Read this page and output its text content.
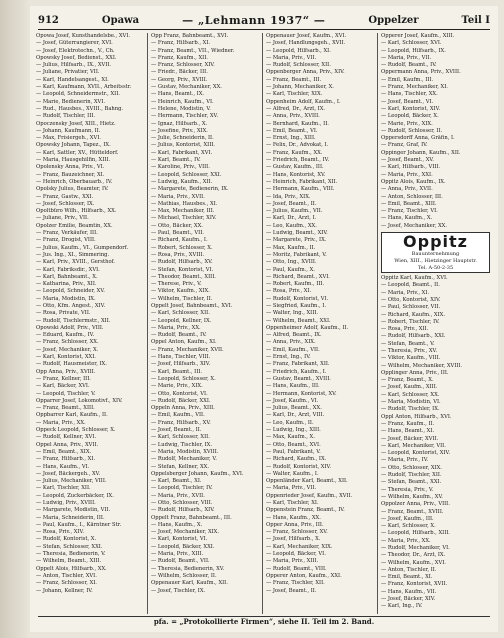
912	Opawa	— „Lehmann 1937“ —	Oppelzer	Teil I
Opowa Josef, Kunsthandelsbe., XVI.
— Josef, Güterrangierer, XVI.
— Josef, Elektrotechn., V., Ch.
Opowsky Josef, Bedienst., XXI.
— Julius, Hilfsarb., IX., XVII.
— Juliane, Privatier, VII.
— Karl, Handelsangest., XI.
— Karl, Kaufmann, XVII., Arbeitsstr.
— Leopold, Schneidermstr., XII.
— Marie, Bedienerin, XVI.
— Rud., Hausbes., XVIII., Bahng.
— Rudolf, Tischler, III.
Opoczensky Josef, XIII., Hietz.
— Johann, Kaufmann, II.
— Max, Frisiergeh., XVI.
Opowsky Johann, Tapez., IX.
— Karl, Sattler, XV., Hütteldorf.
— Maria, Hausgehilfin, XIII.
Opolensky Anna, Priv., VI.
— Franz, Bauzeichner, XI.
— Heinrich, Oberbauarb., IV.
Opolsky Julius, Beamter, IV.
— Franz, Gastw., XXI.
— Josef, Schlosser, IX.
Opoltbüro Wilh., Hilfsarb., XX.
— Juliane, Priv., VII.
Opolzer Emilie, Beamtin, XX.
— Franz, Verkäufer, III.
— Franz, Drogist, VIII.
— Julius, Kaufm., VI., Gumpendorf.
— Jus. Ing., XI., Simmering.
— Karl, Priv., XVIII., Gersthof.
— Karl, Fabriksdir., XVI.
— Karl, Bahnbeamt., X.
— Katharina, Priv., XII.
— Leopold, Schneider, XV.
— Maria, Modistin, IX.
— Otto, Kfm. Angest., XIV.
— Rosa, Private, VII.
— Rudolf, Tischlermstr., XII.
Opowski Adolf, Priv., VIII.
— Eduard, Kaufm., IV.
— Franz, Schlosser, XX.
— Josef, Mechaniker, X.
— Karl, Kontorist, XXI.
— Rudolf, Hausmeister, IX.
Opp Anna, Priv., XVIII.
— Franz, Kellner, III.
— Karl, Bäcker, XVI.
— Leopold, Tischler, V.
Opparrer Josef, Lokomotivf., XIV.
— Franz, Beamt., XIII.
Oppbarrer Karl, Kaufm., II.
— Maria, Priv., XX.
Oppeck Leopold, Schlosser, X.
— Rudolf, Kellner, XVI.
Oppel Anna, Priv., XVII.
— Emil, Beamt., XIX.
— Franz, Hilfsarb., XI.
— Hans, Kaufm., VI.
— Josef, Bäckergeh., XV.
— Julius, Mechaniker, VIII.
— Karl, Tischler, XII.
— Leopold, Zuckerbäcker, IX.
— Ludwig, Priv., XVIII.
— Margarete, Modistin, VII.
— Maria, Schneiderin, III.
— Paul, Kaufm., I., Kärntner Str.
— Rosa, Priv., XIV.
— Rudolf, Kontorist, X.
— Stefan, Schlosser, XXI.
— Theresia, Bedienerin, V.
— Wilhelm, Beamt., XIII.
Oppelt Alois, Hilfsarb., XX.
— Anton, Tischler, XVI.
— Franz, Schlosser, XI.
— Johann, Kellner, IV.
Opp Franz, Bahnbeamt., XVI.
— Franz, Hilfsarb., XI.
— Franz, Beamt., VII., Wiedner.
— Franz, Kaufm., XII.
— Franz, Schlosser, XIV.
— Friedr., Bäcker, III.
— Georg, Priv., XVIII.
— Gustav, Mechaniker, XX.
— Hans, Beamt., IX.
— Heinrich, Kaufm., VI.
— Helene, Modistin, V.
— Hermann, Tischler, XV.
— Ignaz, Hilfsarb., X.
— Josefine, Priv., XIX.
— Julie, Schneiderin, II.
— Julius, Kontorist, XIII.
— Karl, Fabrikant, XVI.
— Karl, Beamt., IV.
— Karoline, Priv., VIII.
— Leopold, Schlosser, XXI.
— Ludwig, Kaufm., XII.
— Margarete, Bedienerin, IX.
— Maria, Priv., XVII.
— Mathias, Hausbes., XI.
— Max, Mechaniker, III.
— Michael, Tischler, XIV.
— Otto, Bäcker, XX.
— Paul, Beamt., VII.
— Richard, Kaufm., I.
— Robert, Schlosser, X.
— Rosa, Priv., XVIII.
— Rudolf, Hilfsarb., XV.
— Stefan, Kontorist, VI.
— Theodor, Beamt., XIII.
— Therese, Priv., V.
— Viktor, Kaufm., XIX.
— Wilhelm, Tischler, II.
Oppelt Josef, Bahnbeamt., XVI.
— Karl, Schlosser, XII.
— Leopold, Kellner, IX.
— Maria, Priv., XX.
— Rudolf, Beamt., IV.
Oppel Anton, Kaufm., XI.
— Franz, Mechaniker, XVII.
— Hans, Tischler, VIII.
— Josef, Hilfsarb., XIV.
— Karl, Beamt., III.
— Leopold, Schlosser, X.
— Marie, Priv., XIX.
— Otto, Kontorist, VI.
— Rudolf, Bäcker, XXI.
Oppeln Anna, Priv., XIII.
— Emil, Kaufm., VII.
— Franz, Hilfsarb., XV.
— Josef, Beamt., II.
— Karl, Schlosser, XII.
— Ludwig, Tischler, IX.
— Maria, Modistin, XVIII.
— Rudolf, Mechaniker, V.
— Stefan, Kellner, XX.
Oppelsberger Johann, Kaufm., XVI.
— Karl, Beamt., XI.
— Leopold, Tischler, IV.
— Maria, Priv., XVII.
— Otto, Schlosser, VIII.
— Rudolf, Hilfsarb., XIV.
Oppelt Franz, Bahnbeamt., III.
— Hans, Kaufm., X.
— Josef, Mechaniker, XIX.
— Karl, Kontorist, VI.
— Leopold, Bäcker, XXI.
— Maria, Priv., XIII.
— Rudolf, Beamt., VII.
— Theresia, Bedienerin, XV.
— Wilhelm, Schlosser, II.
Oppenauer Karl, Kaufm., XII.
— Josef, Tischler, IX.
Oppenauer Josef, Kaufm., XVI.
— Josef, Handlungsgeh., XVII.
— Leopold, Hilfsarb., XI.
— Maria, Priv., VII.
— Rudolf, Schlosser, XII.
Oppenberger Anna, Priv., XIV.
— Franz, Beamt., III.
— Johann, Mechaniker, X.
— Karl, Tischler, XIX.
Oppenheim Adolf, Kaufm., I.
— Alfred, Dr., Arzt, IX.
— Anna, Priv., XVIII.
— Bernhard, Kaufm., II.
— Emil, Beamt., VI.
— Ernst, Ing., XIII.
— Felix, Dr., Advokat, I.
— Franz, Kaufm., XX.
— Friedrich, Beamt., IV.
— Gustav, Kaufm., III.
— Hans, Kontorist, XV.
— Heinrich, Fabrikant, XII.
— Hermann, Kaufm., VIII.
— Ida, Priv., XIX.
— Josef, Beamt., II.
— Julius, Kaufm., VII.
— Karl, Dr., Arzt, I.
— Leo, Kaufm., XX.
— Ludwig, Beamt., XIV.
— Margarete, Priv., IX.
— Max, Kaufm., II.
— Moritz, Fabrikant, V.
— Otto, Ing., XVIII.
— Paul, Kaufm., X.
— Richard, Beamt., XVI.
— Robert, Kaufm., III.
— Rosa, Priv., XI.
— Rudolf, Kontorist, VI.
— Siegfried, Kaufm., I.
— Walter, Ing., XIII.
— Wilhelm, Beamt., XXI.
Oppenheimer Adolf, Kaufm., II.
— Alfred, Beamt., IX.
— Anna, Priv., XIX.
— Emil, Kaufm., VII.
— Ernst, Ing., IV.
— Franz, Fabrikant, XII.
— Friedrich, Kaufm., I.
— Gustav, Beamt., XVIII.
— Hans, Kaufm., III.
— Hermann, Kontorist, XV.
— Josef, Kaufm., VI.
— Julius, Beamt., XX.
— Karl, Dr., Arzt, VIII.
— Leo, Kaufm., II.
— Ludwig, Ing., XIII.
— Max, Kaufm., X.
— Otto, Beamt., XVI.
— Paul, Fabrikant, V.
— Richard, Kaufm., IX.
— Rudolf, Kontorist, XIV.
— Walter, Kaufm., I.
Oppenländer Karl, Beamt., XII.
— Maria, Priv., VII.
Oppenrieder Josef, Kaufm., XVII.
— Karl, Tischler, XI.
Oppenstein Franz, Beamt., IV.
— Hans, Kaufm., XX.
Opper Anna, Priv., III.
— Franz, Schlosser, XV.
— Josef, Hilfsarb., X.
— Karl, Mechaniker, XIX.
— Leopold, Bäcker, VI.
— Maria, Priv., XIII.
— Rudolf, Beamt., VIII.
Opperer Anton, Kaufm., XXI.
— Franz, Tischler, XII.
— Josef, Beamt., II.
Opperer Josef, Kaufm., XIII.
— Karl, Schlosser, XVI.
— Leopold, Hilfsarb., IX.
— Maria, Priv., VII.
— Rudolf, Beamt., IV.
Oppermann Anna, Priv., XVIII.
— Emil, Kaufm., III.
— Franz, Mechaniker, XI.
— Hans, Tischler, XX.
— Josef, Beamt., VI.
— Karl, Kontorist, XIV.
— Leopold, Bäcker, X.
— Marie, Priv., XIX.
— Rudolf, Schlosser, II.
Oppersdorff Anna, Gräfin, I.
— Franz, Graf, IV.
Oppinger Johann, Kaufm., XII.
— Josef, Beamt., XV.
— Karl, Hilfsarb., VIII.
— Maria, Priv., XXI.
Oppitz Alois, Kaufm., IX.
— Anna, Priv., XVII.
— Anton, Schlosser, III.
— Emil, Beamt., XIII.
— Franz, Tischler, VI.
— Hans, Kaufm., X.
— Josef, Mechaniker, XX.
Oppitz
Bauunternehmung
Wien, XIII., Hietzinger Hauptstr.
Tel. A-50-2-35
Oppitz Karl, Kaufm., XVI.
— Leopold, Beamt., II.
— Maria, Priv., XI.
— Otto, Kontorist, XIV.
— Paul, Schlosser, VII.
— Richard, Kaufm., XIX.
— Robert, Tischler, IV.
— Rosa, Priv., XII.
— Rudolf, Hilfsarb., XXI.
— Stefan, Beamt., V.
— Theresia, Priv., XV.
— Viktor, Kaufm., VIII.
— Wilhelm, Mechaniker, XVIII.
Opplinger Anna, Priv., III.
— Franz, Beamt., X.
— Josef, Kaufm., XIII.
— Karl, Schlosser, XX.
— Maria, Modistin, VI.
— Rudolf, Tischler, IX.
Oppl Anton, Hilfsarb., XVI.
— Franz, Kaufm., II.
— Hans, Beamt., XI.
— Josef, Bäcker, XVII.
— Karl, Mechaniker, VII.
— Leopold, Kontorist, XIV.
— Maria, Priv., IV.
— Otto, Schlosser, XIX.
— Rudolf, Tischler, XII.
— Stefan, Beamt., XXI.
— Theresia, Priv., V.
— Wilhelm, Kaufm., XV.
Oppolzer Anna, Priv., VIII.
— Franz, Beamt., XVIII.
— Josef, Kaufm., III.
— Karl, Schlosser, X.
— Leopold, Hilfsarb., XIII.
— Maria, Priv., XX.
— Rudolf, Mechaniker, VI.
— Theodor, Dr., Arzt, IX.
— Wilhelm, Kaufm., XVI.
— Anton, Tischler, II.
— Emil, Beamt., XI.
— Franz, Kontorist, XVII.
— Hans, Kaufm., VII.
— Josef, Bäcker, XIV.
— Karl, Ing., IV.
pfa. = „Protokollierte Firmen“, siehe II. Teil im 2. Band.
